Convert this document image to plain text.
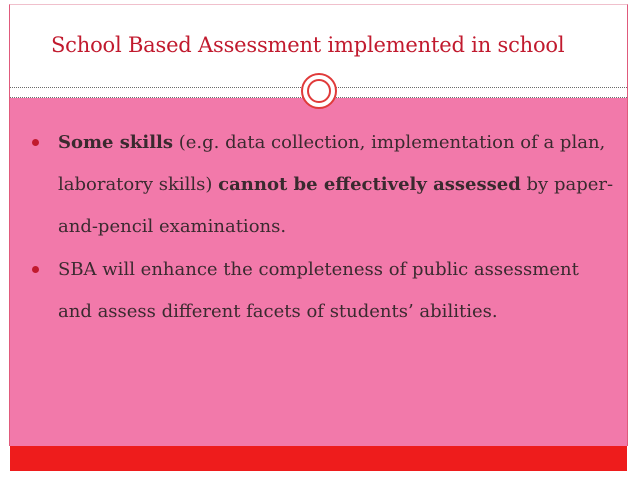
School Based Assessment implemented in school
Some skills (e.g. data collection, implementation of a plan, laboratory skills) cannot be effectively assessed by paper-and-pencil examinations.
SBA will enhance the completeness of public assessment and assess different facets of students’ abilities.
